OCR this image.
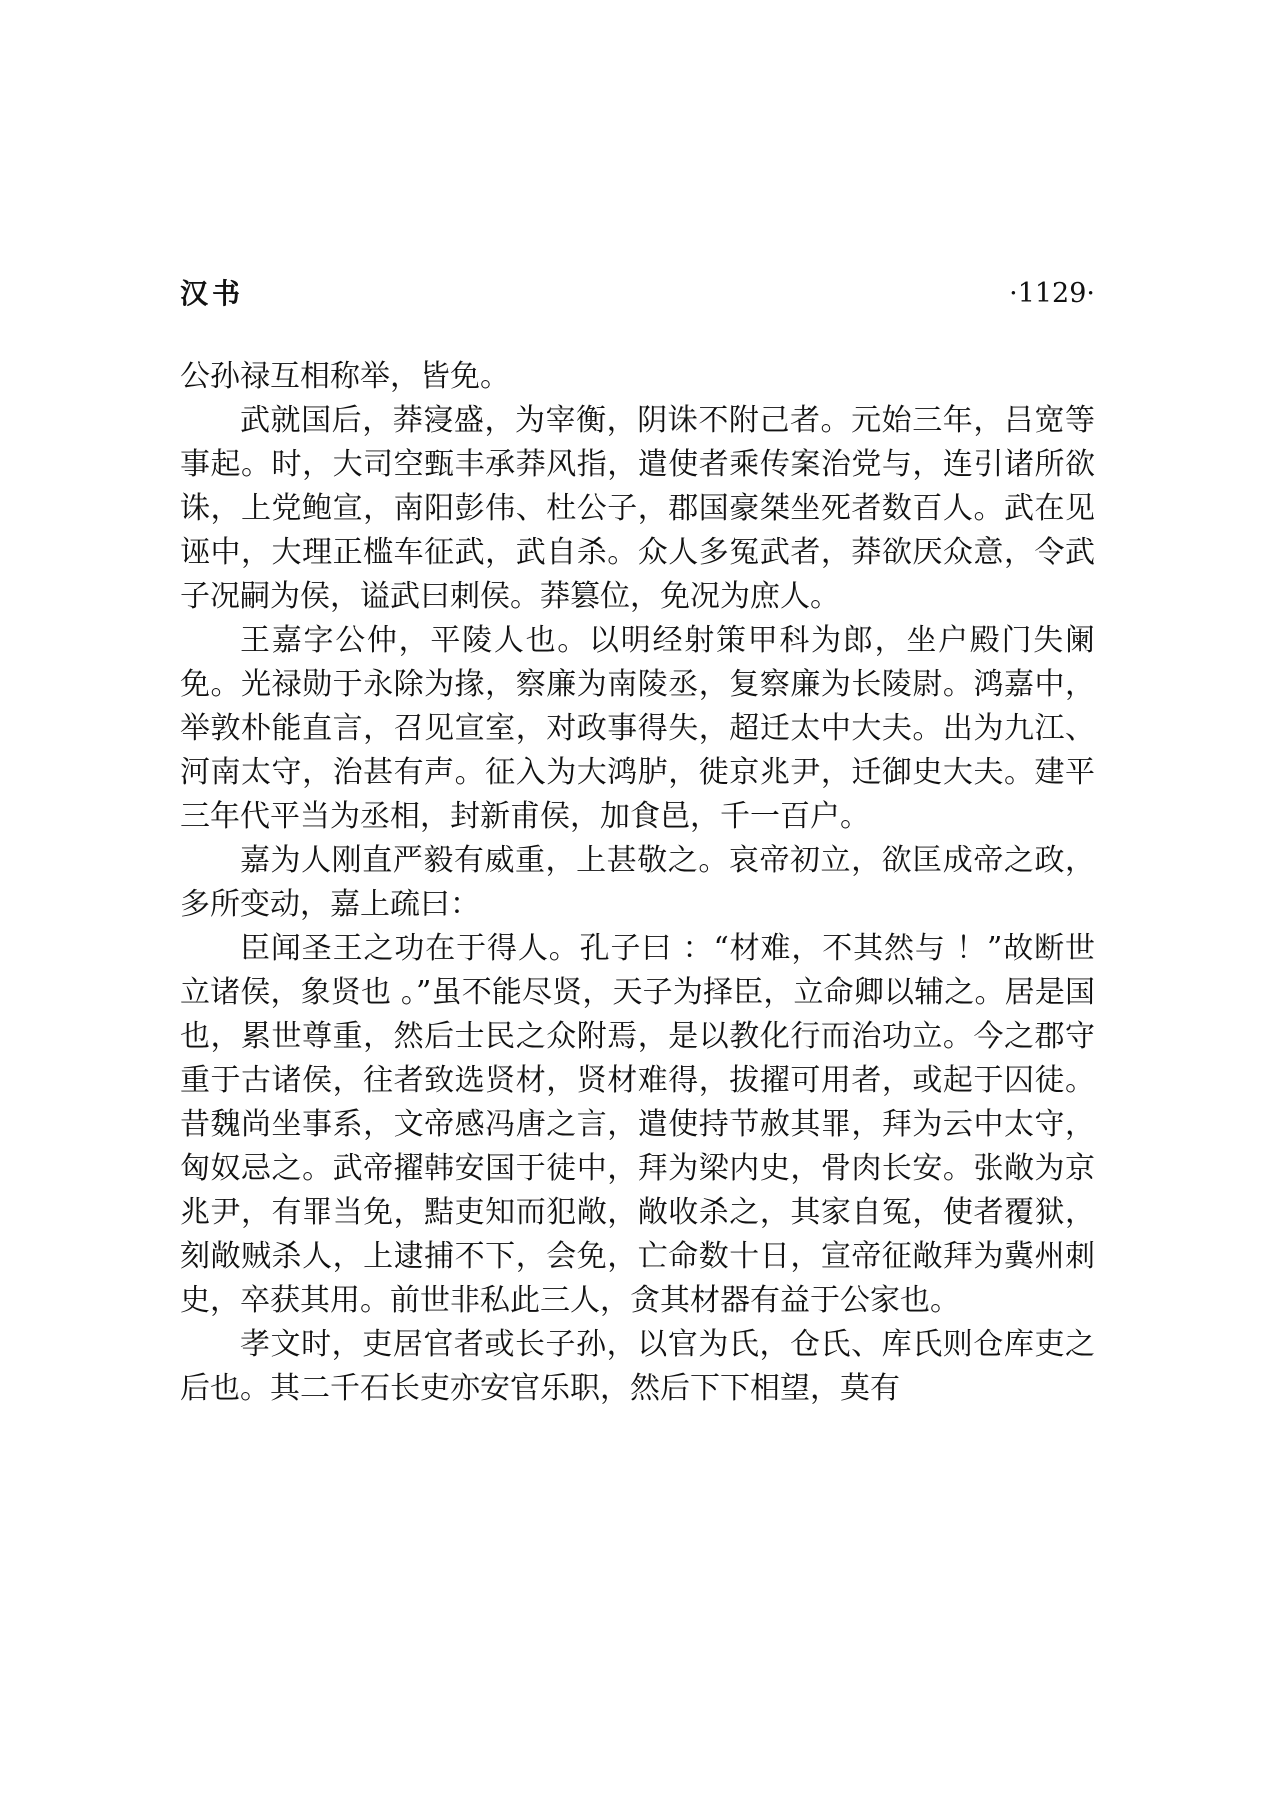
汉书	·1129·

公孙禄互相称举，皆免。

武就国后，莽寖盛，为宰衡，阴诛不附己者。元始三年，吕宽等事起。时，大司空甄丰承莽风指，遣使者乘传案治党与，连引诸所欲诛，上党鲍宣，南阳彭伟、杜公子，郡国豪桀坐死者数百人。武在见诬中，大理正槛车征武，武自杀。众人多冤武者，莽欲厌众意，令武子况嗣为侯，谥武曰刺侯。莽篡位，免况为庶人。

王嘉字公仲，平陵人也。以明经射策甲科为郎，坐户殿门失阑免。光禄勋于永除为掾，察廉为南陵丞，复察廉为长陵尉。鸿嘉中，举敦朴能直言，召见宣室，对政事得失，超迁太中大夫。出为九江、河南太守，治甚有声。征入为大鸿胪，徙京兆尹，迁御史大夫。建平三年代平当为丞相，封新甫侯，加食邑，千一百户。

嘉为人刚直严毅有威重，上甚敬之。哀帝初立，欲匡成帝之政，多所变动，嘉上疏曰：

臣闻圣王之功在于得人。孔子曰 ：“材难，不其然与 ！”故断世立诸侯，象贤也 。”虽不能尽贤，天子为择臣，立命卿以辅之。居是国也，累世尊重，然后士民之众附焉，是以教化行而治功立。今之郡守重于古诸侯，往者致选贤材，贤材难得，拔擢可用者，或起于囚徒。昔魏尚坐事系，文帝感冯唐之言，遣使持节赦其罪，拜为云中太守，匈奴忌之。武帝擢韩安国于徒中，拜为梁内史，骨肉长安。张敞为京兆尹，有罪当免，黠吏知而犯敞，敞收杀之，其家自冤，使者覆狱，刻敞贼杀人，上逮捕不下，会免，亡命数十日，宣帝征敞拜为冀州刺史，卒获其用。前世非私此三人，贪其材器有益于公家也。

孝文时，吏居官者或长子孙，以官为氏，仓氏、库氏则仓库吏之后也。其二千石长吏亦安官乐职，然后下下相望，莫有
